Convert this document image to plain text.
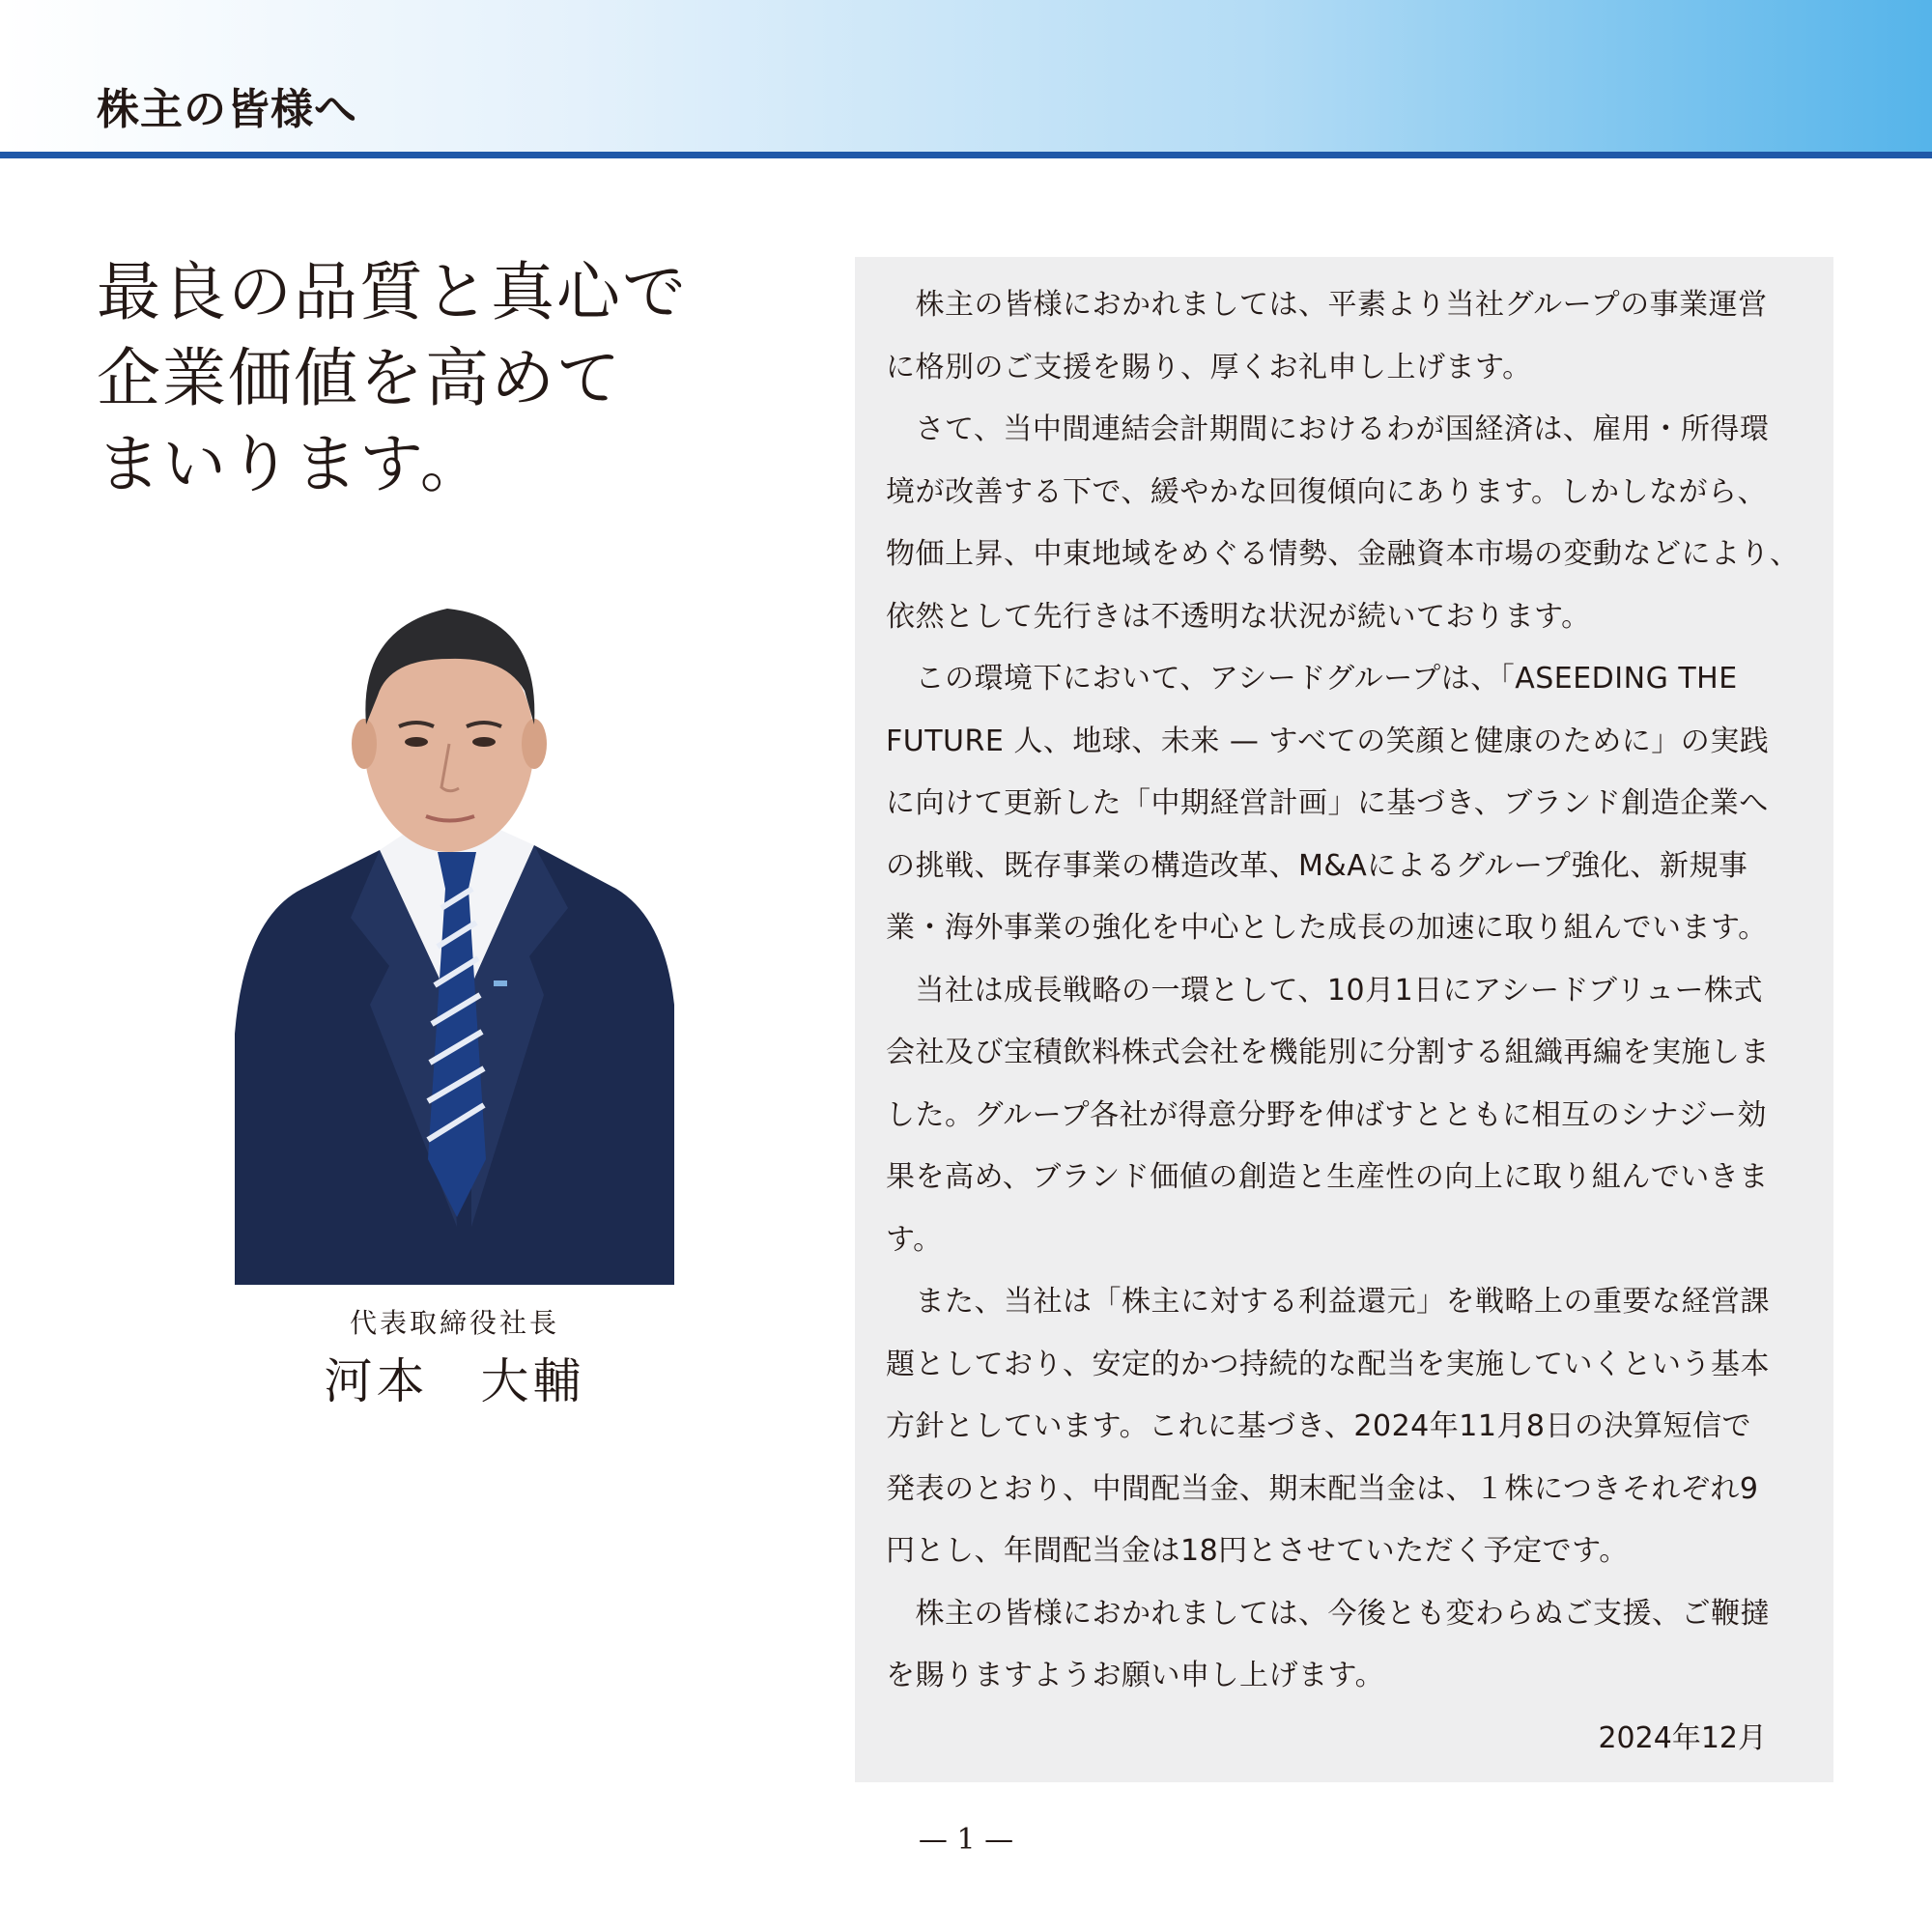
株主の皆様へ
最良の品質と真心で
企業価値を高めて
まいります。
代表取締役社長
河本　大輔
　株主の皆様におかれましては、平素より当社グループの事業運営
に格別のご支援を賜り、厚くお礼申し上げます。
　さて、当中間連結会計期間におけるわが国経済は、雇用・所得環
境が改善する下で、緩やかな回復傾向にあります。しかしながら、
物価上昇、中東地域をめぐる情勢、金融資本市場の変動などにより、
依然として先行きは不透明な状況が続いております。
　この環境下において、アシードグループは、「ASEEDING THE
FUTURE 人、地球、未来 — すべての笑顔と健康のために」の実践
に向けて更新した「中期経営計画」に基づき、ブランド創造企業へ
の挑戦、既存事業の構造改革、M&Aによるグループ強化、新規事
業・海外事業の強化を中心とした成長の加速に取り組んでいます。
　当社は成長戦略の一環として、10月1日にアシードブリュー株式
会社及び宝積飲料株式会社を機能別に分割する組織再編を実施しま
した。グループ各社が得意分野を伸ばすとともに相互のシナジー効
果を高め、ブランド価値の創造と生産性の向上に取り組んでいきま
す。
　また、当社は「株主に対する利益還元」を戦略上の重要な経営課
題としており、安定的かつ持続的な配当を実施していくという基本
方針としています。これに基づき、2024年11月8日の決算短信で
発表のとおり、中間配当金、期末配当金は、１株につきそれぞれ9
円とし、年間配当金は18円とさせていただく予定です。
　株主の皆様におかれましては、今後とも変わらぬご支援、ご鞭撻
を賜りますようお願い申し上げます。
2024年12月
— 1 —
